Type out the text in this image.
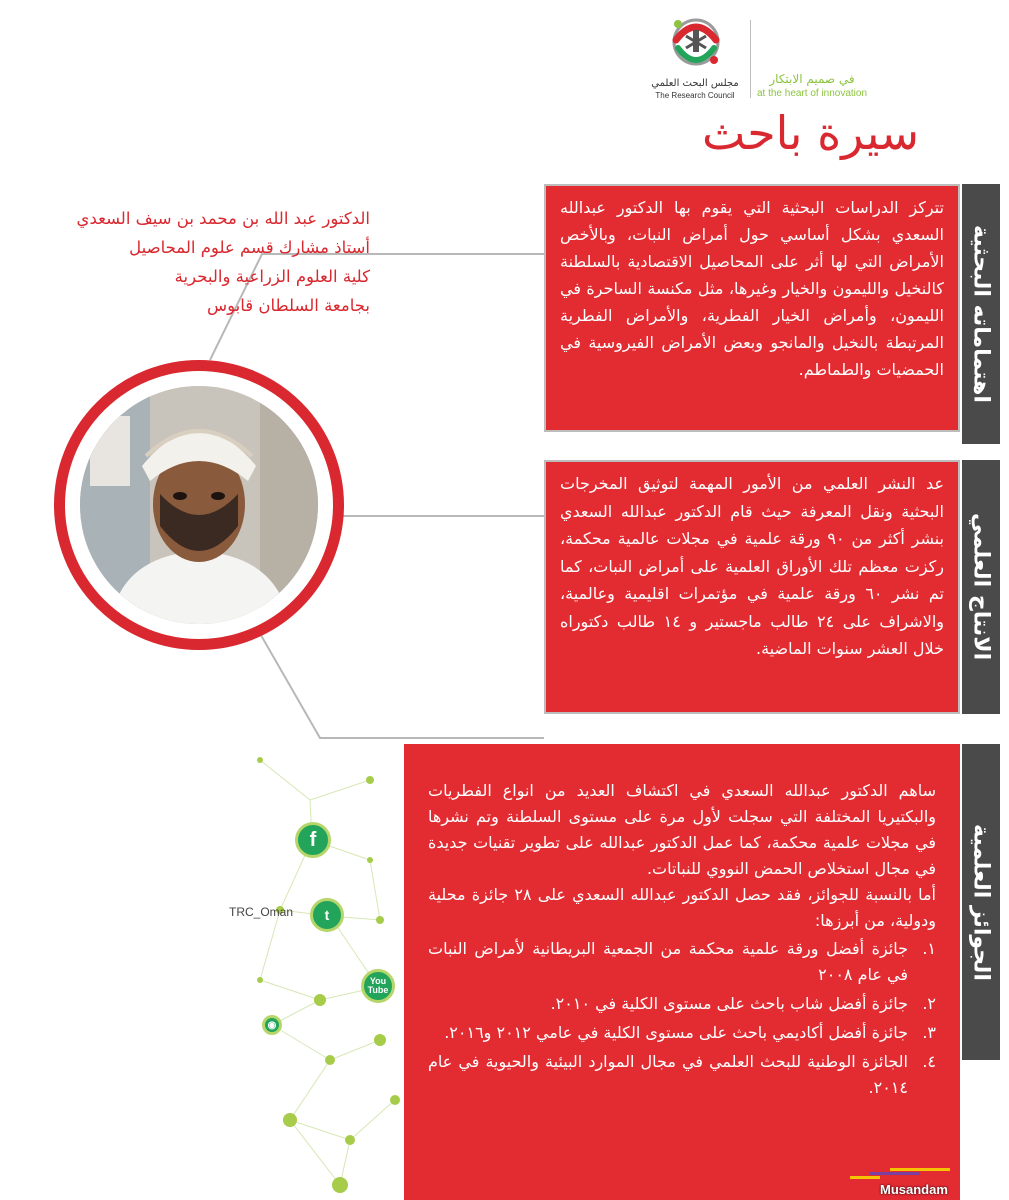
مجلس البحث العلمي
The Research Council
في صميم الابتكار
at the heart of innovation
سيرة باحث
الدكتور عبد الله بن محمد بن سيف السعدي
أستاذ مشارك قسم علوم المحاصيل
كلية العلوم الزراعية والبحرية
بجامعة السلطان قابوس

تتركز الدراسات البحثية التي يقوم بها الدكتور عبدالله السعدي بشكل أساسي حول أمراض النبات، وبالأخص الأمراض التي لها أثر على المحاصيل الاقتصادية بالسلطنة كالنخيل والليمون والخيار وغيرها، مثل مكنسة الساحرة في الليمون، وأمراض الخيار الفطرية، والأمراض الفطرية المرتبطة بالنخيل والمانجو وبعض الأمراض الفيروسية في الحمضيات والطماطم. اهتماماته البحثية

عد النشر العلمي من الأمور المهمة لتوثيق المخرجات البحثية ونقل المعرفة حيث قام الدكتور عبدالله السعدي بنشر أكثر من ٩٠ ورقة علمية في مجلات عالمية محكمة، ركزت معظم تلك الأوراق العلمية على أمراض النبات، كما تم نشر ٦٠ ورقة علمية في مؤتمرات اقليمية وعالمية، والاشراف على ٢٤ طالب ماجستير و ١٤ طالب دكتوراه خلال العشر سنوات الماضية. الانتاج العلمي

ساهم الدكتور عبدالله السعدي في اكتشاف العديد من انواع الفطريات والبكتيريا المختلفة التي سجلت لأول مرة على مستوى السلطنة وتم نشرها في مجلات علمية محكمة، كما عمل الدكتور عبدالله على تطوير تقنيات جديدة في مجال استخلاص الحمض النووي للنباتات.

أما بالنسبة للجوائز، فقد حصل الدكتور عبدالله السعدي على ٢٨ جائزة محلية ودولية، من أبرزها:

١.
جائزة أفضل ورقة علمية محكمة من الجمعية البريطانية لأمراض النبات في عام ٢٠٠٨
٢.
جائزة أفضل شاب باحث على مستوى الكلية في ٢٠١٠.
٣.
جائزة أفضل أكاديمي باحث على مستوى الكلية في عامي ٢٠١٢ و٢٠١٦.
٤.
الجائزة الوطنية للبحث العلمي في مجال الموارد البيئية والحيوية في عام ٢٠١٤.
الجوائز العلمية
TRC_Oman
f
t
You Tube
◉
Musandam
